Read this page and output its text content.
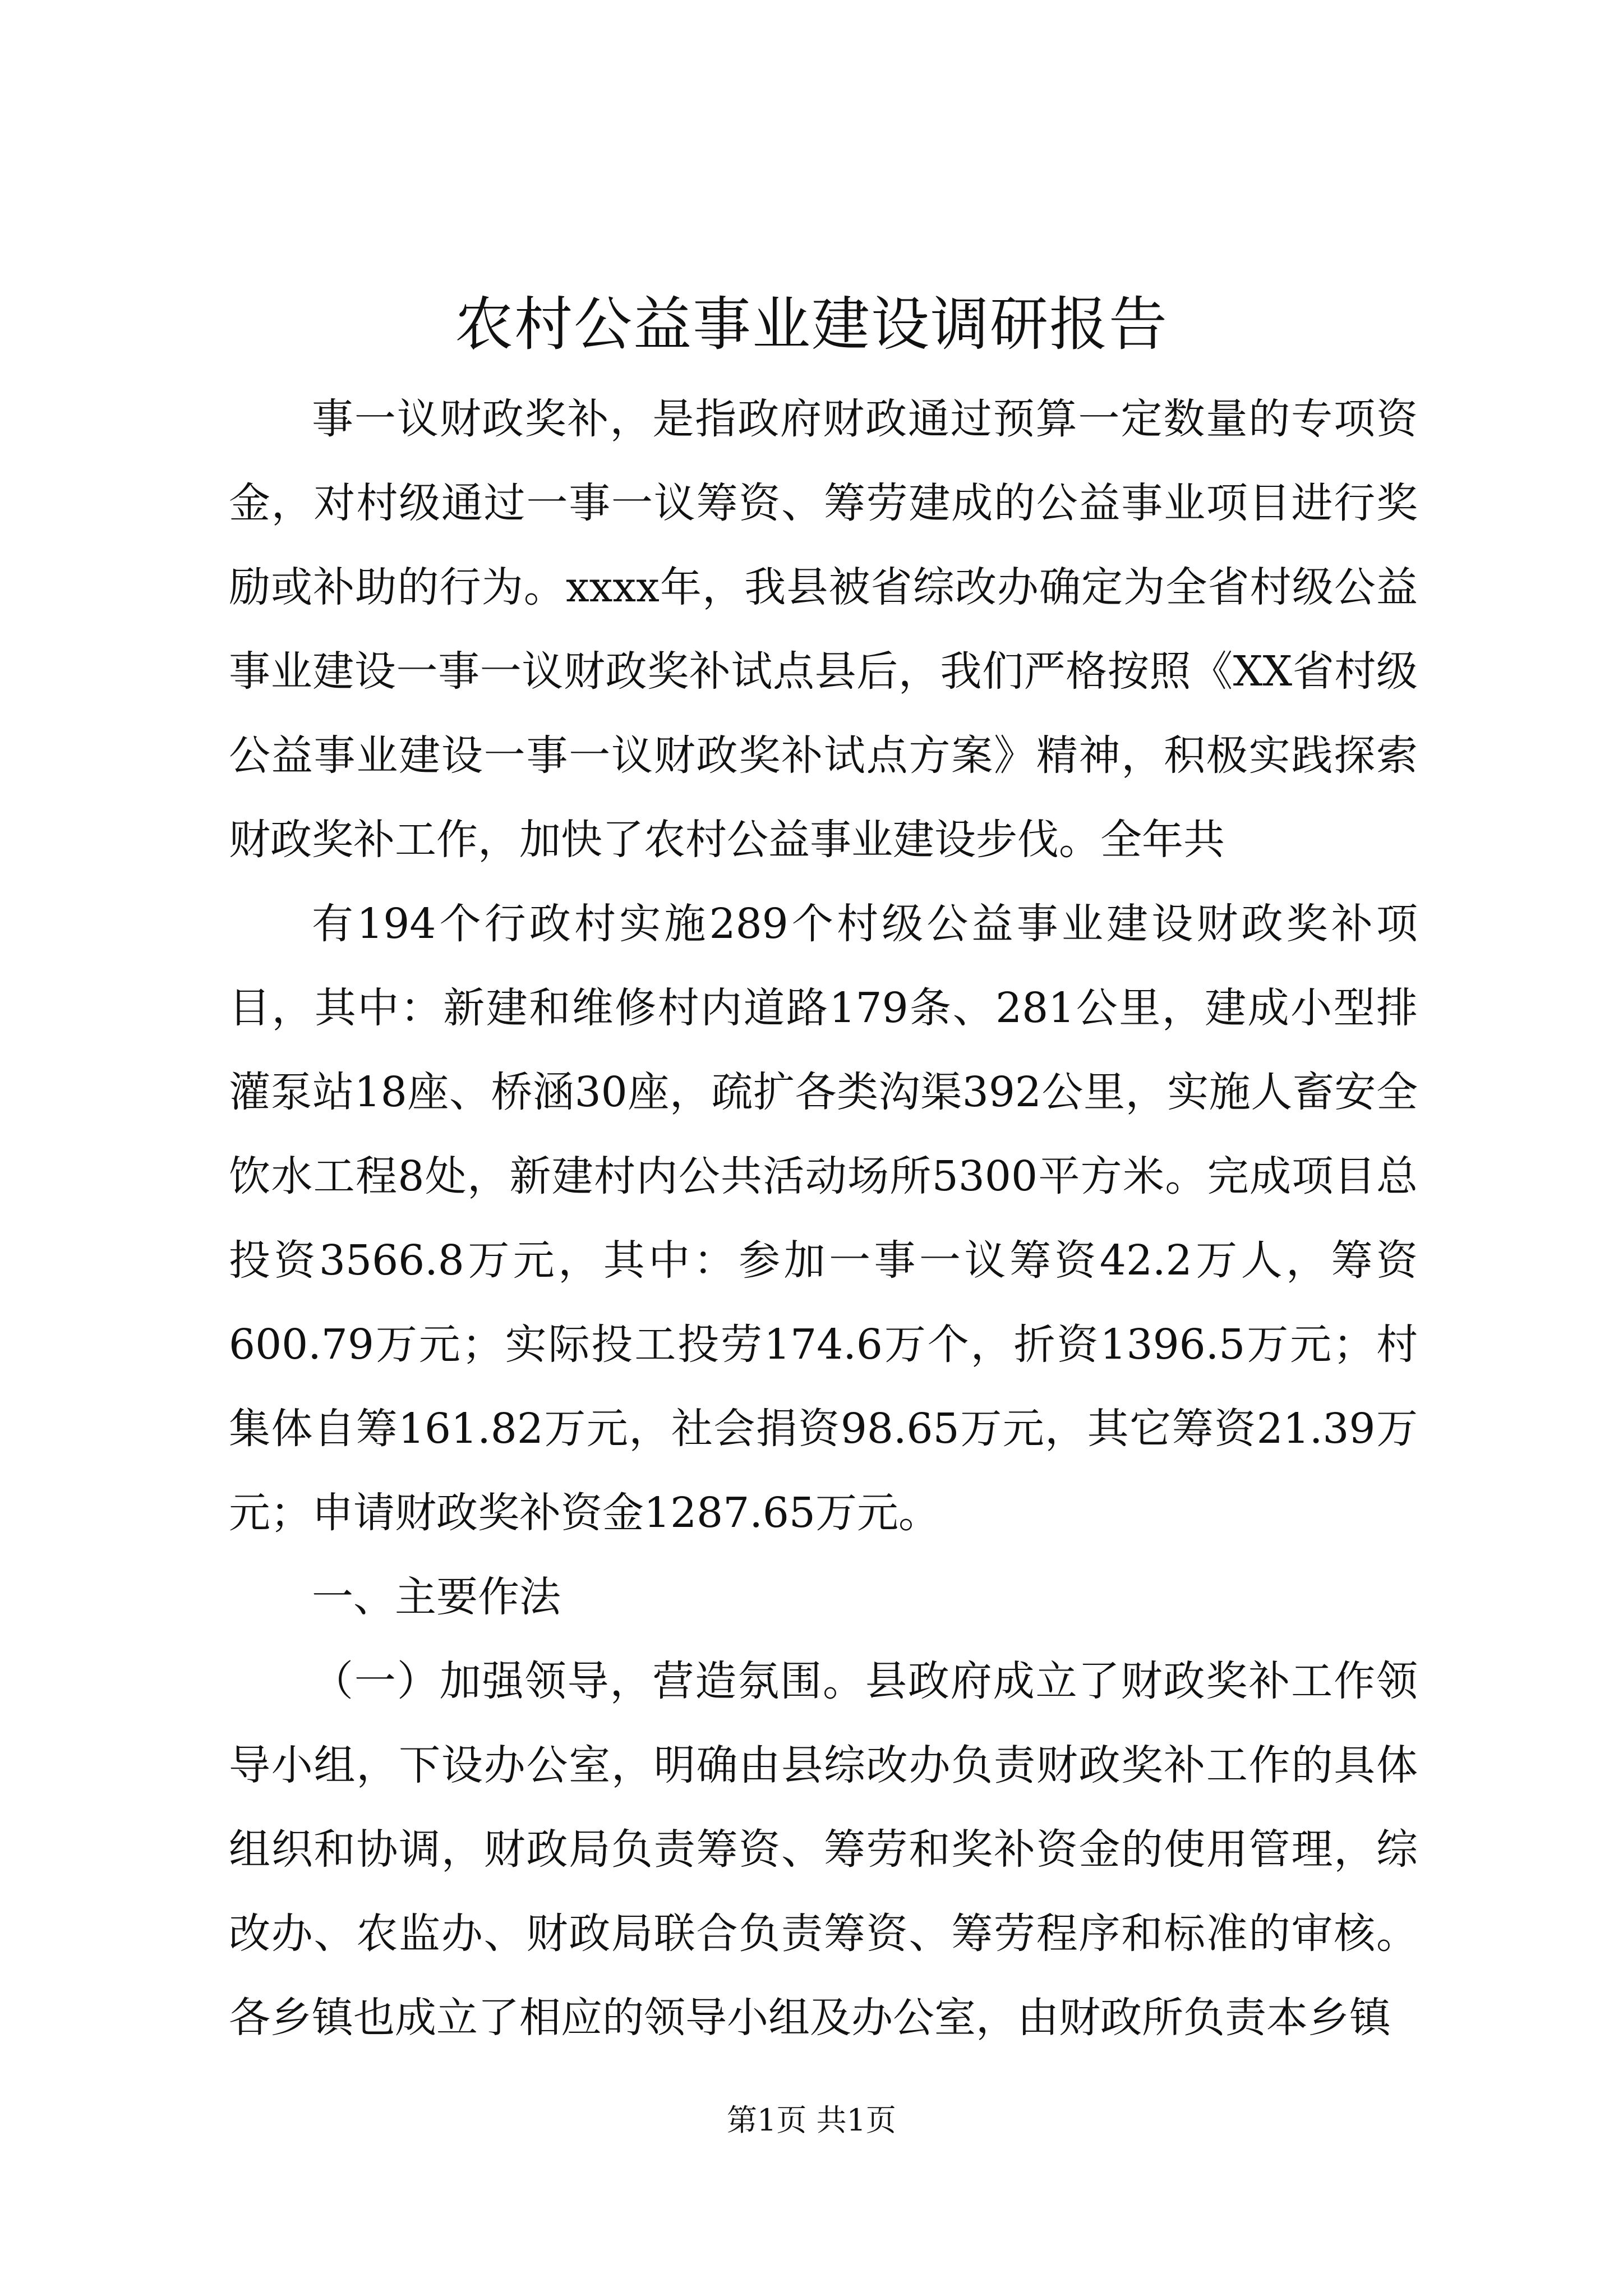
农村公益事业建设调研报告

事一议财政奖补，是指政府财政通过预算一定数量的专项资金，对村级通过一事一议筹资、筹劳建成的公益事业项目进行奖励或补助的行为。xxxx年，我县被省综改办确定为全省村级公益事业建设一事一议财政奖补试点县后，我们严格按照《XX省村级公益事业建设一事一议财政奖补试点方案》精神，积极实践探索财政奖补工作，加快了农村公益事业建设步伐。全年共

有194个行政村实施289个村级公益事业建设财政奖补项目，其中：新建和维修村内道路179条、281公里，建成小型排灌泵站18座、桥涵30座，疏扩各类沟渠392公里，实施人畜安全饮水工程8处，新建村内公共活动场所5300平方米。完成项目总投资3566.8万元，其中：参加一事一议筹资42.2万人，筹资600.79万元；实际投工投劳174.6万个，折资1396.5万元；村集体自筹161.82万元，社会捐资98.65万元，其它筹资21.39万元；申请财政奖补资金1287.65万元。

一、主要作法

（一）加强领导，营造氛围。县政府成立了财政奖补工作领导小组，下设办公室，明确由县综改办负责财政奖补工作的具体组织和协调，财政局负责筹资、筹劳和奖补资金的使用管理，综改办、农监办、财政局联合负责筹资、筹劳程序和标准的审核。各乡镇也成立了相应的领导小组及办公室，由财政所负责本乡镇

第1页 共1页
